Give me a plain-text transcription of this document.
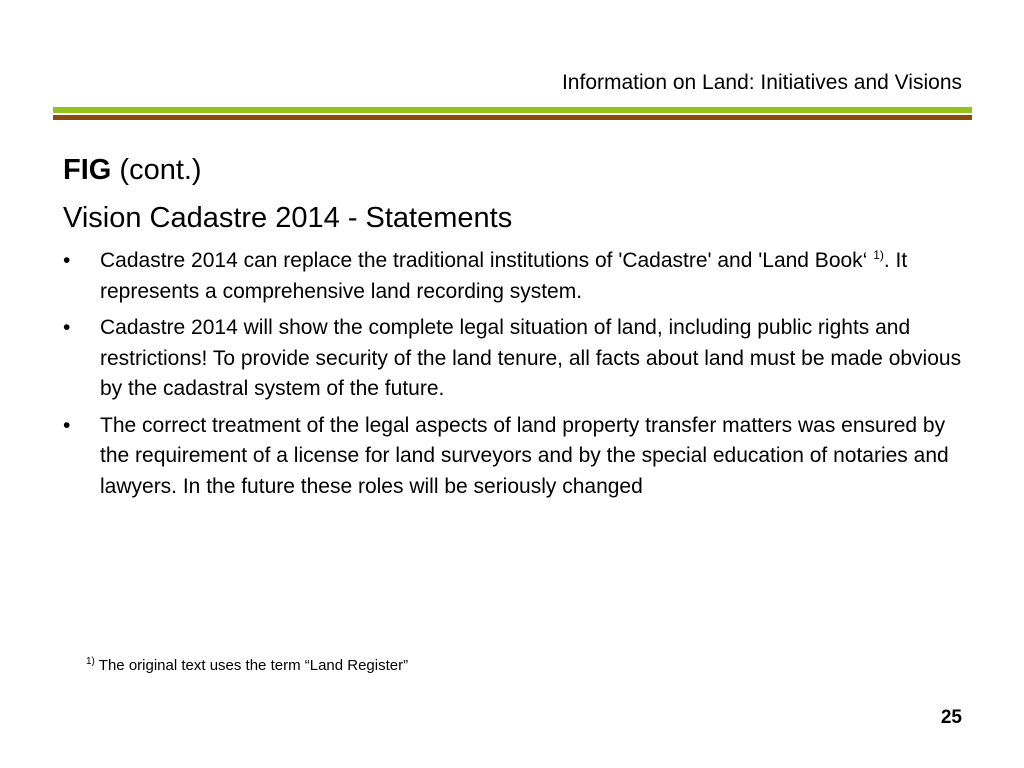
Information on Land: Initiatives and Visions
FIG (cont.)
Vision Cadastre 2014 - Statements
•	Cadastre 2014 can replace the traditional institutions of 'Cadastre' and 'Land Book‘ $^{1)}$. It represents a comprehensive land recording system.
•	Cadastre 2014 will show the complete legal situation of land, including public rights and restrictions! To provide security of the land tenure, all facts about land must be made obvious by the cadastral system of the future.
•	The correct treatment of the legal aspects of land property transfer matters was ensured by the requirement of a license for land surveyors and by the special education of notaries and lawyers. In the future these roles will be seriously changed
$^{1)}$ The original text uses the term “Land Register”
25
